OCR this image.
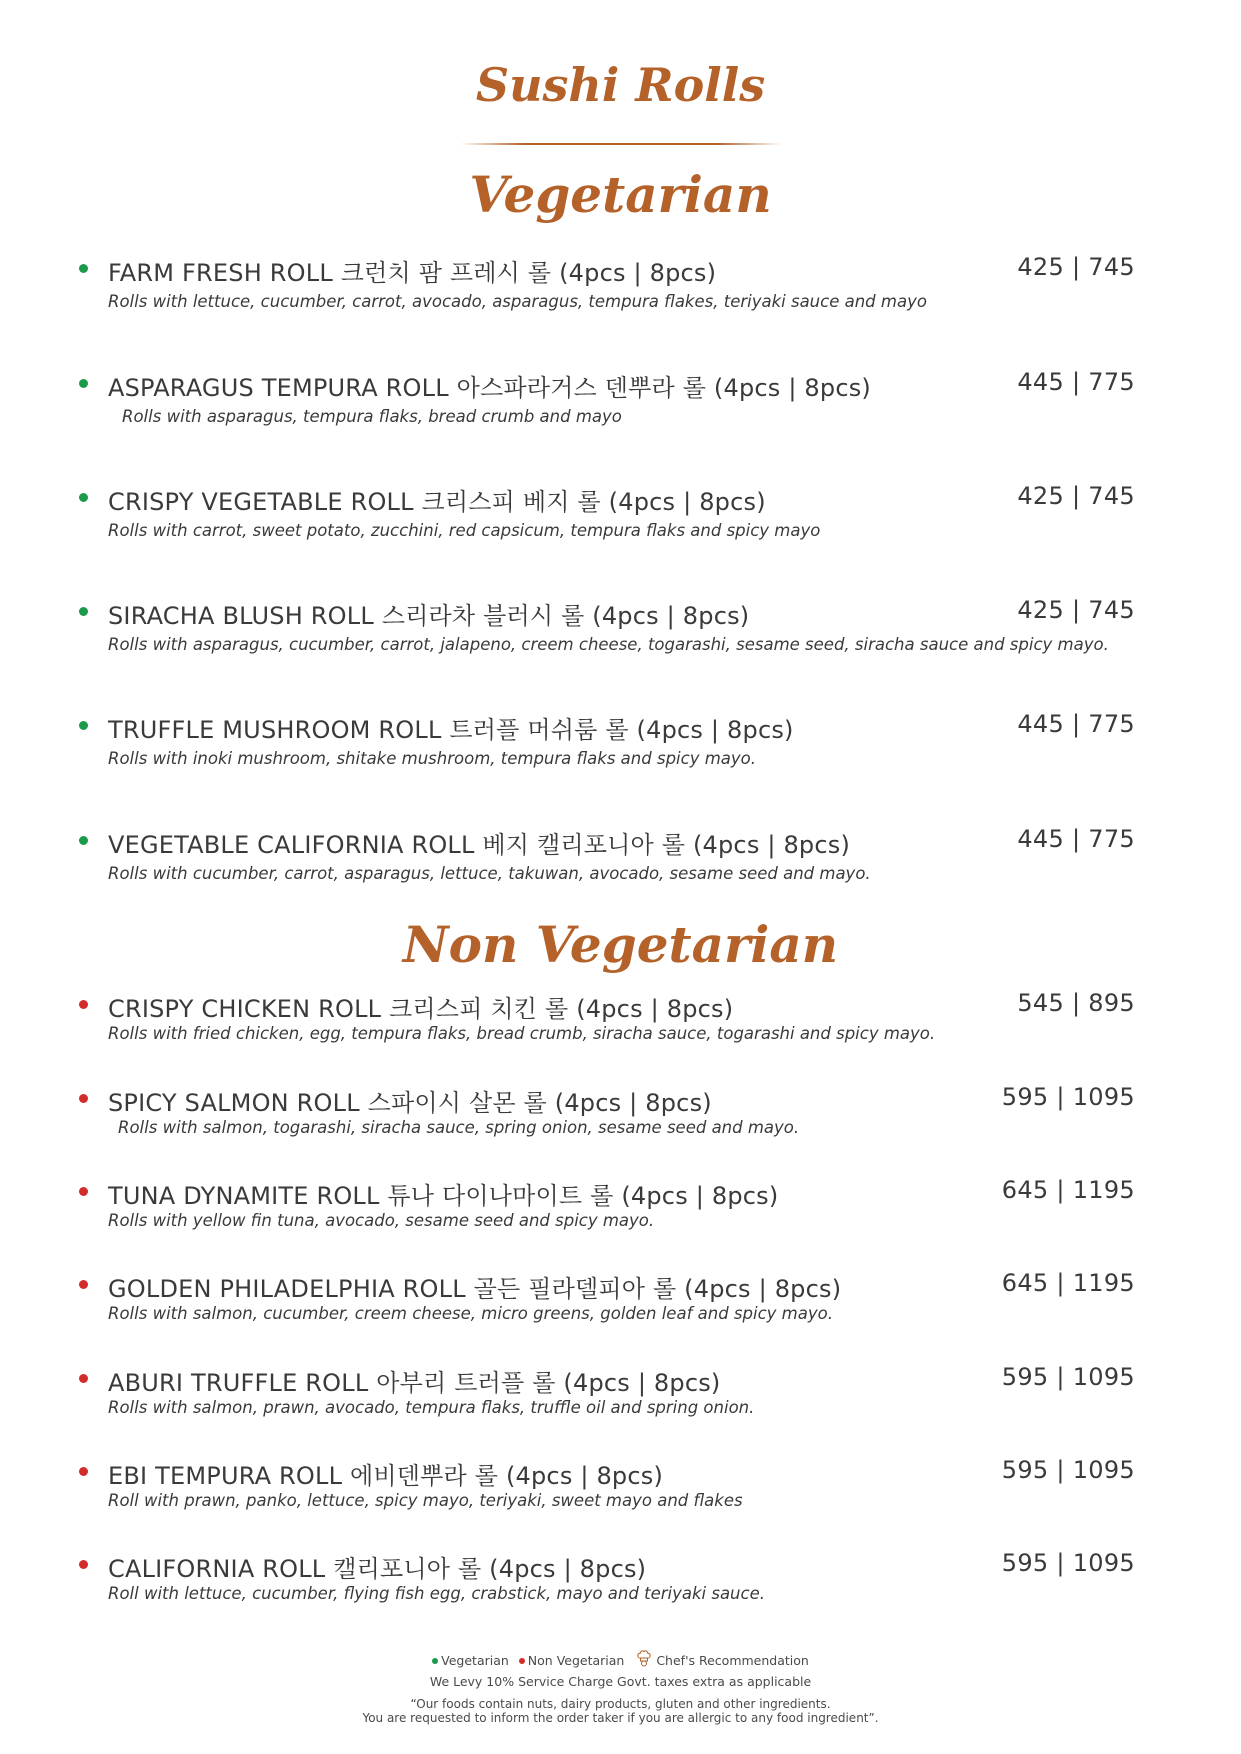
Sushi Rolls
Vegetarian
FARM FRESH ROLL 크런치 팜 프레시 롤 (4pcs | 8pcs)	425 | 745
Rolls with lettuce, cucumber, carrot, avocado, asparagus, tempura flakes, teriyaki sauce and mayo
ASPARAGUS TEMPURA ROLL 아스파라거스 덴뿌라 롤 (4pcs | 8pcs)	445 | 775
Rolls with asparagus, tempura flaks, bread crumb and mayo
CRISPY VEGETABLE ROLL 크리스피 베지 롤 (4pcs | 8pcs)	425 | 745
Rolls with carrot, sweet potato, zucchini, red capsicum, tempura flaks and spicy mayo
SIRACHA BLUSH ROLL 스리라차 블러시 롤 (4pcs | 8pcs)	425 | 745
Rolls with asparagus, cucumber, carrot, jalapeno, creem cheese, togarashi, sesame seed, siracha sauce and spicy mayo.
TRUFFLE MUSHROOM ROLL 트러플 머쉬룸 롤 (4pcs | 8pcs)	445 | 775
Rolls with inoki mushroom, shitake mushroom, tempura flaks and spicy mayo.
VEGETABLE CALIFORNIA ROLL 베지 캘리포니아 롤 (4pcs | 8pcs)	445 | 775
Rolls with cucumber, carrot, asparagus, lettuce, takuwan, avocado, sesame seed and mayo.
Non Vegetarian
CRISPY CHICKEN ROLL 크리스피 치킨 롤 (4pcs | 8pcs)	545 | 895
Rolls with fried chicken, egg, tempura flaks, bread crumb, siracha sauce, togarashi and spicy mayo.
SPICY SALMON ROLL 스파이시 살몬 롤 (4pcs | 8pcs)	595 | 1095
Rolls with salmon, togarashi, siracha sauce, spring onion, sesame seed and mayo.
TUNA DYNAMITE ROLL 튜나 다이나마이트 롤 (4pcs | 8pcs)	645 | 1195
Rolls with yellow fin tuna, avocado, sesame seed and spicy mayo.
GOLDEN PHILADELPHIA ROLL 골든 필라델피아 롤 (4pcs | 8pcs)	645 | 1195
Rolls with salmon, cucumber, creem cheese, micro greens, golden leaf and spicy mayo.
ABURI TRUFFLE ROLL 아부리 트러플 롤 (4pcs | 8pcs)	595 | 1095
Rolls with salmon, prawn, avocado, tempura flaks, truffle oil and spring onion.
EBI TEMPURA ROLL 에비덴뿌라 롤 (4pcs | 8pcs)	595 | 1095
Roll with prawn, panko, lettuce, spicy mayo, teriyaki, sweet mayo and flakes
CALIFORNIA ROLL 캘리포니아 롤 (4pcs | 8pcs)	595 | 1095
Roll with lettuce, cucumber, flying fish egg, crabstick, mayo and teriyaki sauce.
Vegetarian Non Vegetarian	Chef's Recommendation
We Levy 10% Service Charge Govt. taxes extra as applicable
“Our foods contain nuts, dairy products, gluten and other ingredients.
You are requested to inform the order taker if you are allergic to any food ingredient”.
